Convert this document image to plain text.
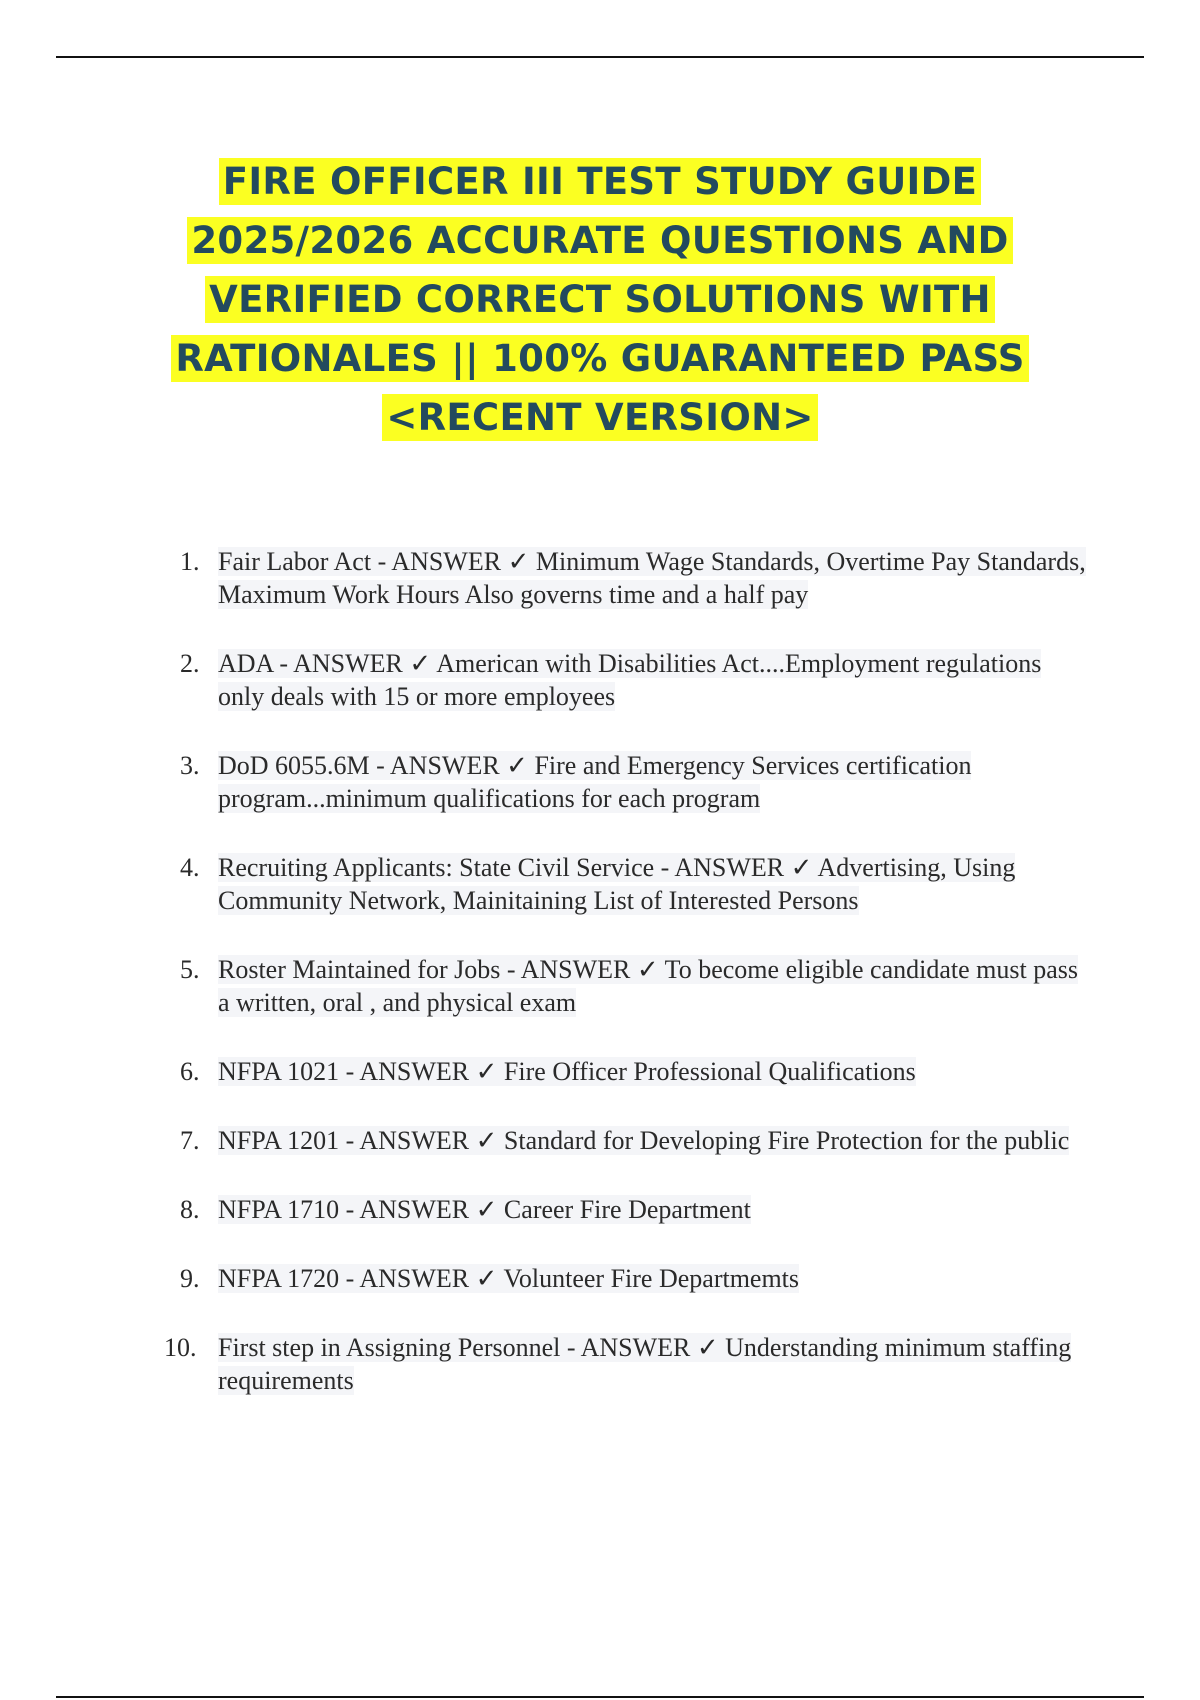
FIRE OFFICER III TEST STUDY GUIDE
2025/2026 ACCURATE QUESTIONS AND
VERIFIED CORRECT SOLUTIONS WITH
RATIONALES || 100% GUARANTEED PASS
<RECENT VERSION>
1. Fair Labor Act - ANSWER ✓ Minimum Wage Standards, Overtime Pay Standards, Maximum Work Hours Also governs time and a half pay
2. ADA - ANSWER ✓ American with Disabilities Act....Employment regulations only deals with 15 or more employees
3. DoD 6055.6M - ANSWER ✓ Fire and Emergency Services certification program...minimum qualifications for each program
4. Recruiting Applicants: State Civil Service - ANSWER ✓ Advertising, Using Community Network, Mainitaining List of Interested Persons
5. Roster Maintained for Jobs - ANSWER ✓ To become eligible candidate must pass a written, oral , and physical exam
6. NFPA 1021 - ANSWER ✓ Fire Officer Professional Qualifications
7. NFPA 1201 - ANSWER ✓ Standard for Developing Fire Protection for the public
8. NFPA 1710 - ANSWER ✓ Career Fire Department
9. NFPA 1720 - ANSWER ✓ Volunteer Fire Departmemts
10. First step in Assigning Personnel - ANSWER ✓ Understanding minimum staffing requirements
